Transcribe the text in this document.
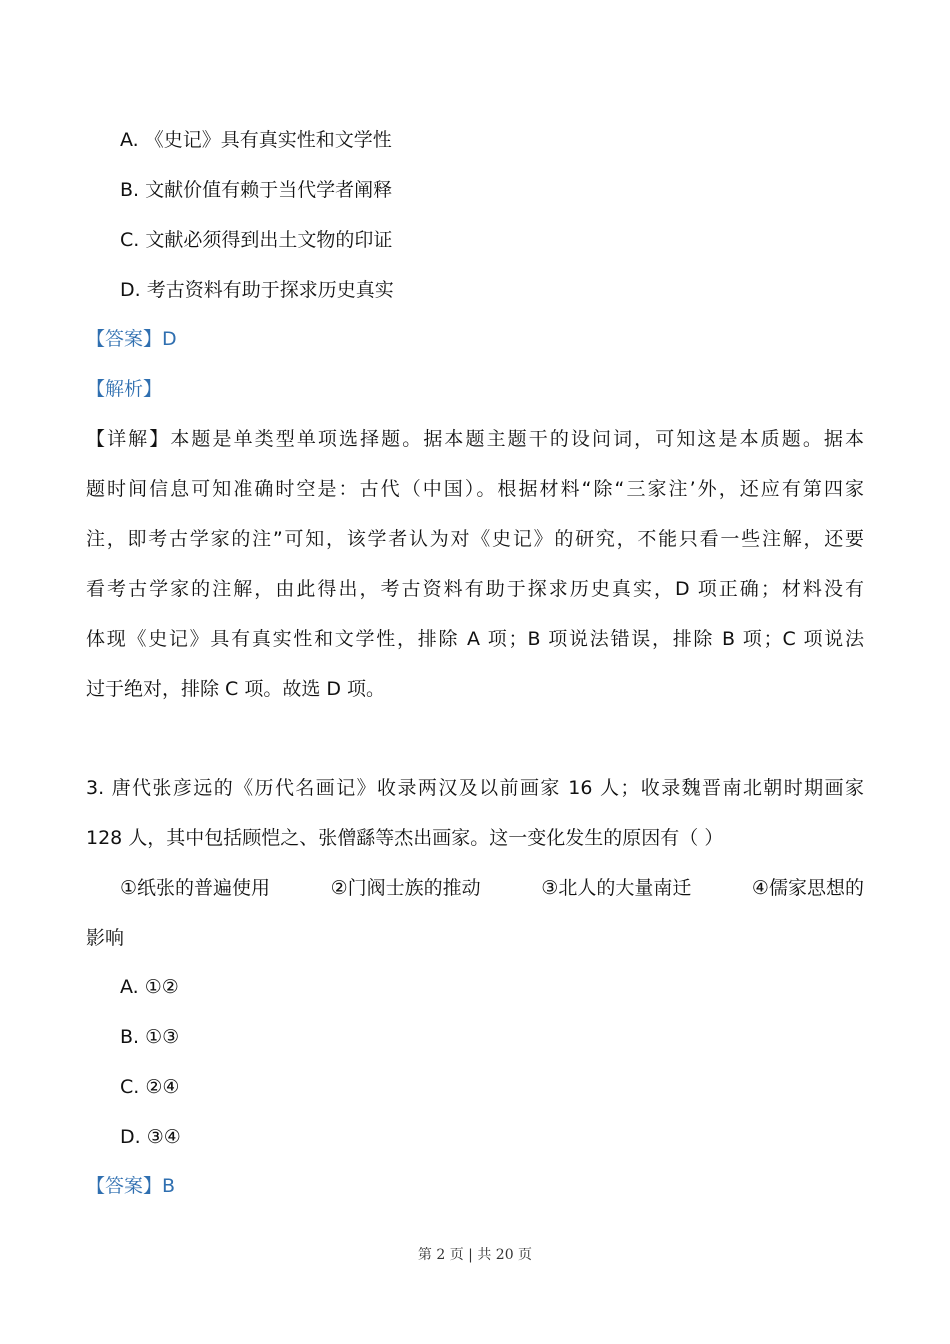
A. 《史记》具有真实性和文学性
B. 文献价值有赖于当代学者阐释
C. 文献必须得到出土文物的印证
D. 考古资料有助于探求历史真实
【答案】D
【解析】
【详解】本题是单类型单项选择题。据本题主题干的设问词，可知这是本质题。据本
题时间信息可知准确时空是：古代（中国）。根据材料“除“三家注’外，还应有第四家
注，即考古学家的注”可知，该学者认为对《史记》的研究，不能只看一些注解，还要
看考古学家的注解，由此得出，考古资料有助于探求历史真实，D 项正确；材料没有
体现《史记》具有真实性和文学性，排除 A 项；B 项说法错误，排除 B 项；C 项说法
过于绝对，排除 C 项。故选 D 项。
3. 唐代张彦远的《历代名画记》收录两汉及以前画家 16 人；收录魏晋南北朝时期画家
128 人，其中包括顾恺之、张僧繇等杰出画家。这一变化发生的原因有（ ）
①纸张的普遍使用	②门阀士族的推动	③北人的大量南迁	④儒家思想的
影响
A. ①②
B. ①③
C. ②④
D. ③④
【答案】B
第 2 页 | 共 20 页
